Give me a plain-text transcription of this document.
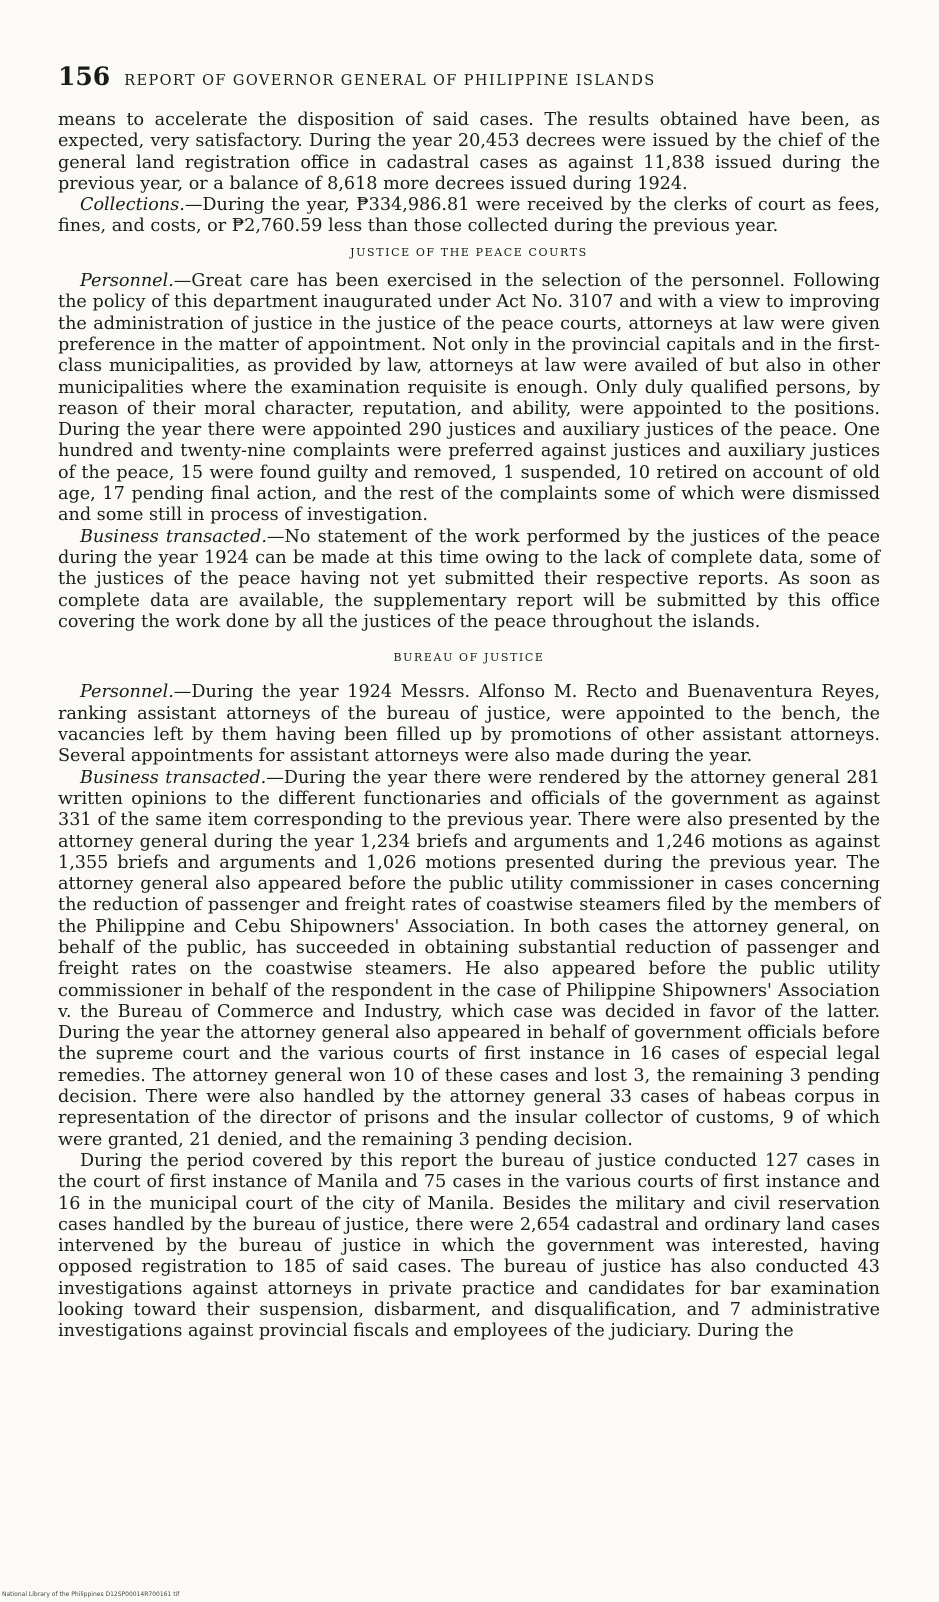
156 REPORT OF GOVERNOR GENERAL OF PHILIPPINE ISLANDS

means to accelerate the disposition of said cases. The results obtained have been, as expected, very satisfactory. During the year 20,453 decrees were issued by the chief of the general land registration office in cadastral cases as against 11,838 issued during the previous year, or a balance of 8,618 more decrees issued during 1924.

Collections.—During the year, ₱334,986.81 were received by the clerks of court as fees, fines, and costs, or ₱2,760.59 less than those collected during the previous year.

JUSTICE OF THE PEACE COURTS

Personnel.—Great care has been exercised in the selection of the personnel. Following the policy of this department inaugurated under Act No. 3107 and with a view to improving the administration of justice in the justice of the peace courts, attorneys at law were given preference in the matter of appointment. Not only in the provincial capitals and in the first-class municipalities, as provided by law, attorneys at law were availed of but also in other municipalities where the examination requisite is enough. Only duly qualified persons, by reason of their moral character, reputation, and ability, were appointed to the positions. During the year there were appointed 290 justices and auxiliary justices of the peace. One hundred and twenty-nine complaints were preferred against justices and auxiliary justices of the peace, 15 were found guilty and removed, 1 suspended, 10 retired on account of old age, 17 pending final action, and the rest of the complaints some of which were dismissed and some still in process of investigation.

Business transacted.—No statement of the work performed by the justices of the peace during the year 1924 can be made at this time owing to the lack of complete data, some of the justices of the peace having not yet submitted their respective reports. As soon as complete data are available, the supplementary report will be submitted by this office covering the work done by all the justices of the peace throughout the islands.

BUREAU OF JUSTICE

Personnel.—During the year 1924 Messrs. Alfonso M. Recto and Buenaventura Reyes, ranking assistant attorneys of the bureau of justice, were appointed to the bench, the vacancies left by them having been filled up by promotions of other assistant attorneys. Several appointments for assistant attorneys were also made during the year.

Business transacted.—During the year there were rendered by the attorney general 281 written opinions to the different functionaries and officials of the government as against 331 of the same item corresponding to the previous year. There were also presented by the attorney general during the year 1,234 briefs and arguments and 1,246 motions as against 1,355 briefs and arguments and 1,026 motions presented during the previous year. The attorney general also appeared before the public utility commissioner in cases concerning the reduction of passenger and freight rates of coastwise steamers filed by the members of the Philippine and Cebu Shipowners' Association. In both cases the attorney general, on behalf of the public, has succeeded in obtaining substantial reduction of passenger and freight rates on the coastwise steamers. He also appeared before the public utility commissioner in behalf of the respondent in the case of Philippine Shipowners' Association v. the Bureau of Commerce and Industry, which case was decided in favor of the latter. During the year the attorney general also appeared in behalf of government officials before the supreme court and the various courts of first instance in 16 cases of especial legal remedies. The attorney general won 10 of these cases and lost 3, the remaining 3 pending decision. There were also handled by the attorney general 33 cases of habeas corpus in representation of the director of prisons and the insular collector of customs, 9 of which were granted, 21 denied, and the remaining 3 pending decision.

During the period covered by this report the bureau of justice conducted 127 cases in the court of first instance of Manila and 75 cases in the various courts of first instance and 16 in the municipal court of the city of Manila. Besides the military and civil reservation cases handled by the bureau of justice, there were 2,654 cadastral and ordinary land cases intervened by the bureau of justice in which the government was interested, having opposed registration to 185 of said cases. The bureau of justice has also conducted 43 investigations against attorneys in private practice and candidates for bar examination looking toward their suspension, disbarment, and disqualification, and 7 administrative investigations against provincial fiscals and employees of the judiciary. During the

National Library of the Philippines D12SP00014R700161 tif
